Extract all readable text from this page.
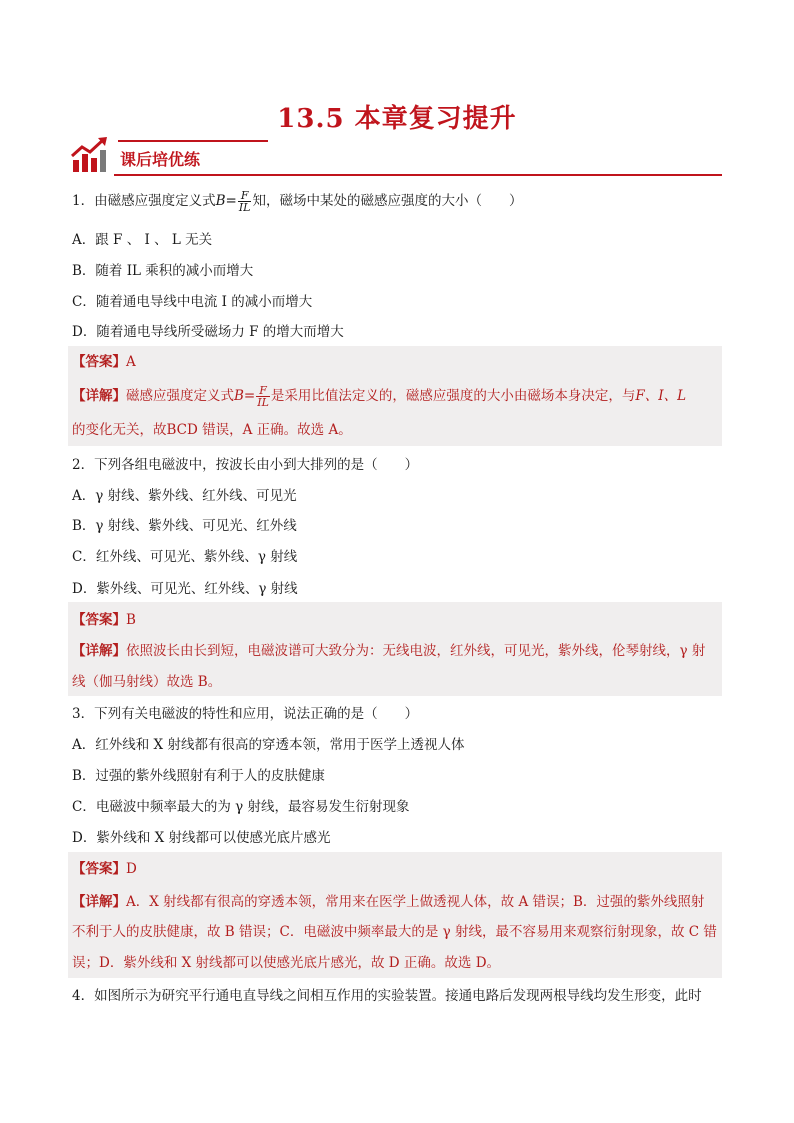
13.5 本章复习提升
课后培优练
1．由磁感应强度定义式$B= \frac{F}{IL}$ 知，磁场中某处的磁感应强度的大小（　　）
A．跟 F 、 I 、 L 无关
B．随着 IL 乘积的减小而增大
C．随着通电导线中电流 I 的减小而增大
D．随着通电导线所受磁场力 F 的增大而增大
【答案】A
【详解】磁感应强度定义式$B= \frac{F}{IL}$ 是采用比值法定义的，磁感应强度的大小由磁场本身决定，与F、I、L
的变化无关，故BCD 错误，A 正确。故选 A。
2．下列各组电磁波中，按波长由小到大排列的是（　　）
A．γ 射线、紫外线、红外线、可见光
B．γ 射线、紫外线、可见光、红外线
C．红外线、可见光、紫外线、γ 射线
D．紫外线、可见光、红外线、γ 射线
【答案】B
【详解】依照波长由长到短，电磁波谱可大致分为：无线电波，红外线，可见光，紫外线，伦琴射线，γ 射
线（伽马射线）故选 B。
3．下列有关电磁波的特性和应用，说法正确的是（　　）
A．红外线和 X 射线都有很高的穿透本领，常用于医学上透视人体
B．过强的紫外线照射有利于人的皮肤健康
C．电磁波中频率最大的为 γ 射线，最容易发生衍射现象
D．紫外线和 X 射线都可以使感光底片感光
【答案】D
【详解】A．X 射线都有很高的穿透本领，常用来在医学上做透视人体，故 A 错误；B．过强的紫外线照射
不利于人的皮肤健康，故 B 错误；C．电磁波中频率最大的是 γ 射线，最不容易用来观察衍射现象，故 C 错
误；D．紫外线和 X 射线都可以使感光底片感光，故 D 正确。故选 D。
4．如图所示为研究平行通电直导线之间相互作用的实验装置。接通电路后发现两根导线均发生形变，此时
